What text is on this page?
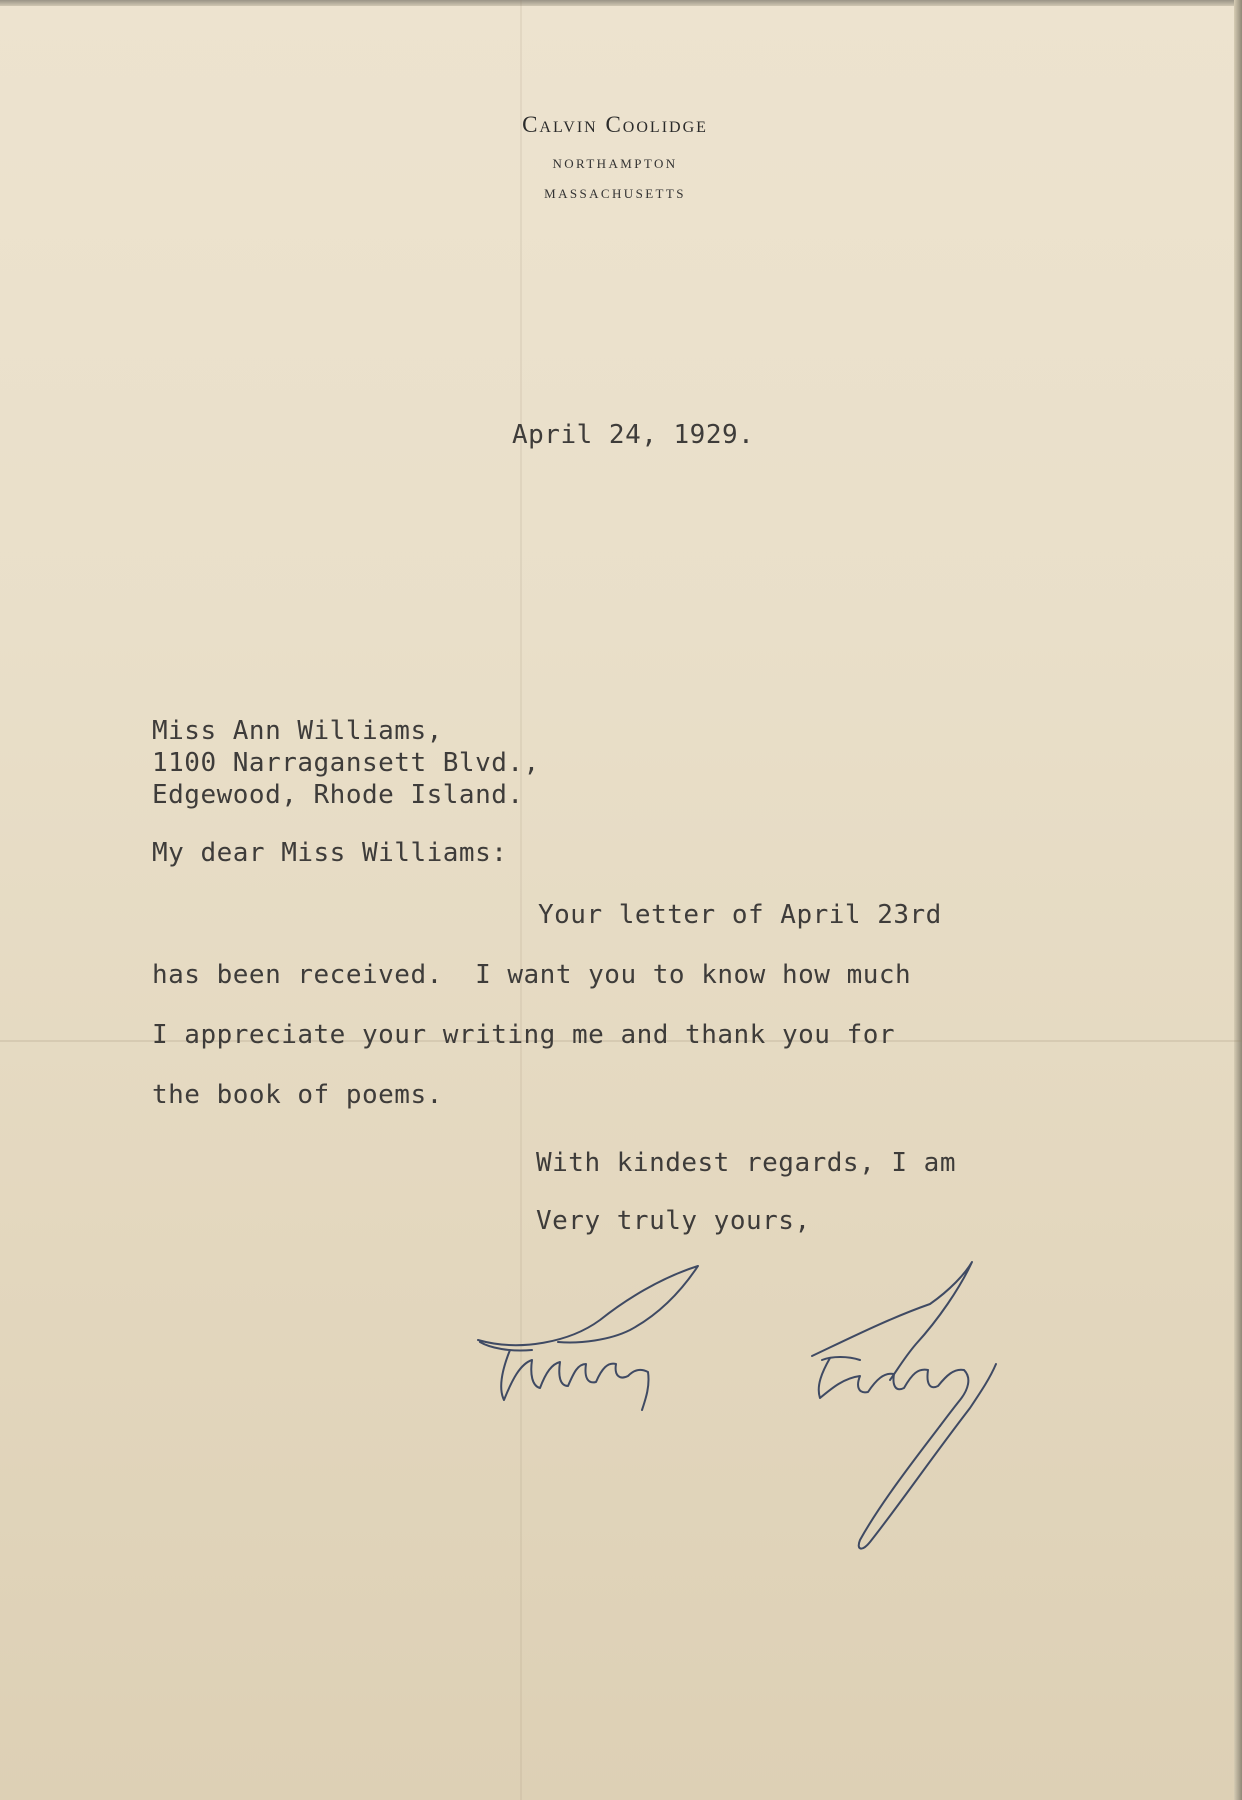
Calvin Coolidge
NORTHAMPTON
MASSACHUSETTS
April 24, 1929.
Miss Ann Williams,
1100 Narragansett Blvd.,
Edgewood, Rhode Island.
My dear Miss Williams:
Your letter of April 23rd
has been received.  I want you to know how much
I appreciate your writing me and thank you for
the book of poems.
With kindest regards, I am
Very truly yours,
